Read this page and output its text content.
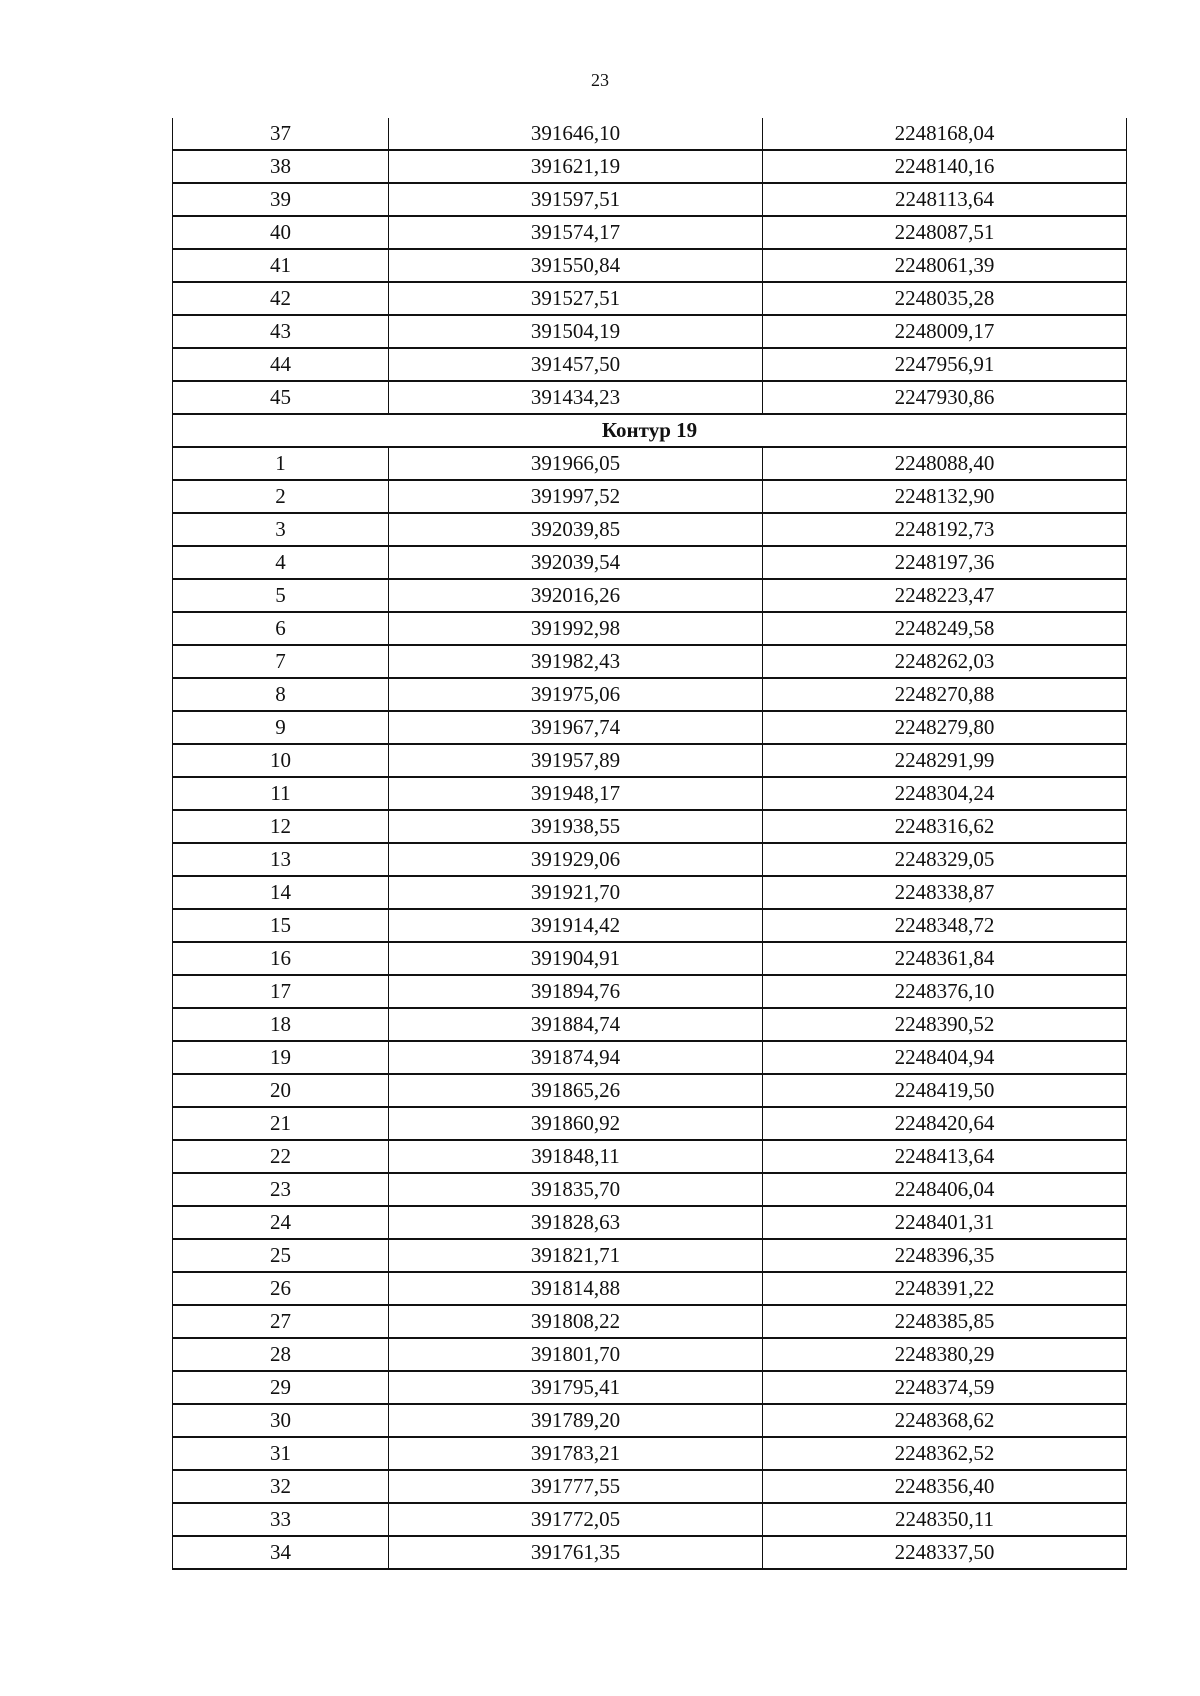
23
37	391646,10	2248168,04
38	391621,19	2248140,16
39	391597,51	2248113,64
40	391574,17	2248087,51
41	391550,84	2248061,39
42	391527,51	2248035,28
43	391504,19	2248009,17
44	391457,50	2247956,91
45	391434,23	2247930,86
Контур 19		
1	391966,05	2248088,40
2	391997,52	2248132,90
3	392039,85	2248192,73
4	392039,54	2248197,36
5	392016,26	2248223,47
6	391992,98	2248249,58
7	391982,43	2248262,03
8	391975,06	2248270,88
9	391967,74	2248279,80
10	391957,89	2248291,99
11	391948,17	2248304,24
12	391938,55	2248316,62
13	391929,06	2248329,05
14	391921,70	2248338,87
15	391914,42	2248348,72
16	391904,91	2248361,84
17	391894,76	2248376,10
18	391884,74	2248390,52
19	391874,94	2248404,94
20	391865,26	2248419,50
21	391860,92	2248420,64
22	391848,11	2248413,64
23	391835,70	2248406,04
24	391828,63	2248401,31
25	391821,71	2248396,35
26	391814,88	2248391,22
27	391808,22	2248385,85
28	391801,70	2248380,29
29	391795,41	2248374,59
30	391789,20	2248368,62
31	391783,21	2248362,52
32	391777,55	2248356,40
33	391772,05	2248350,11
34	391761,35	2248337,50
